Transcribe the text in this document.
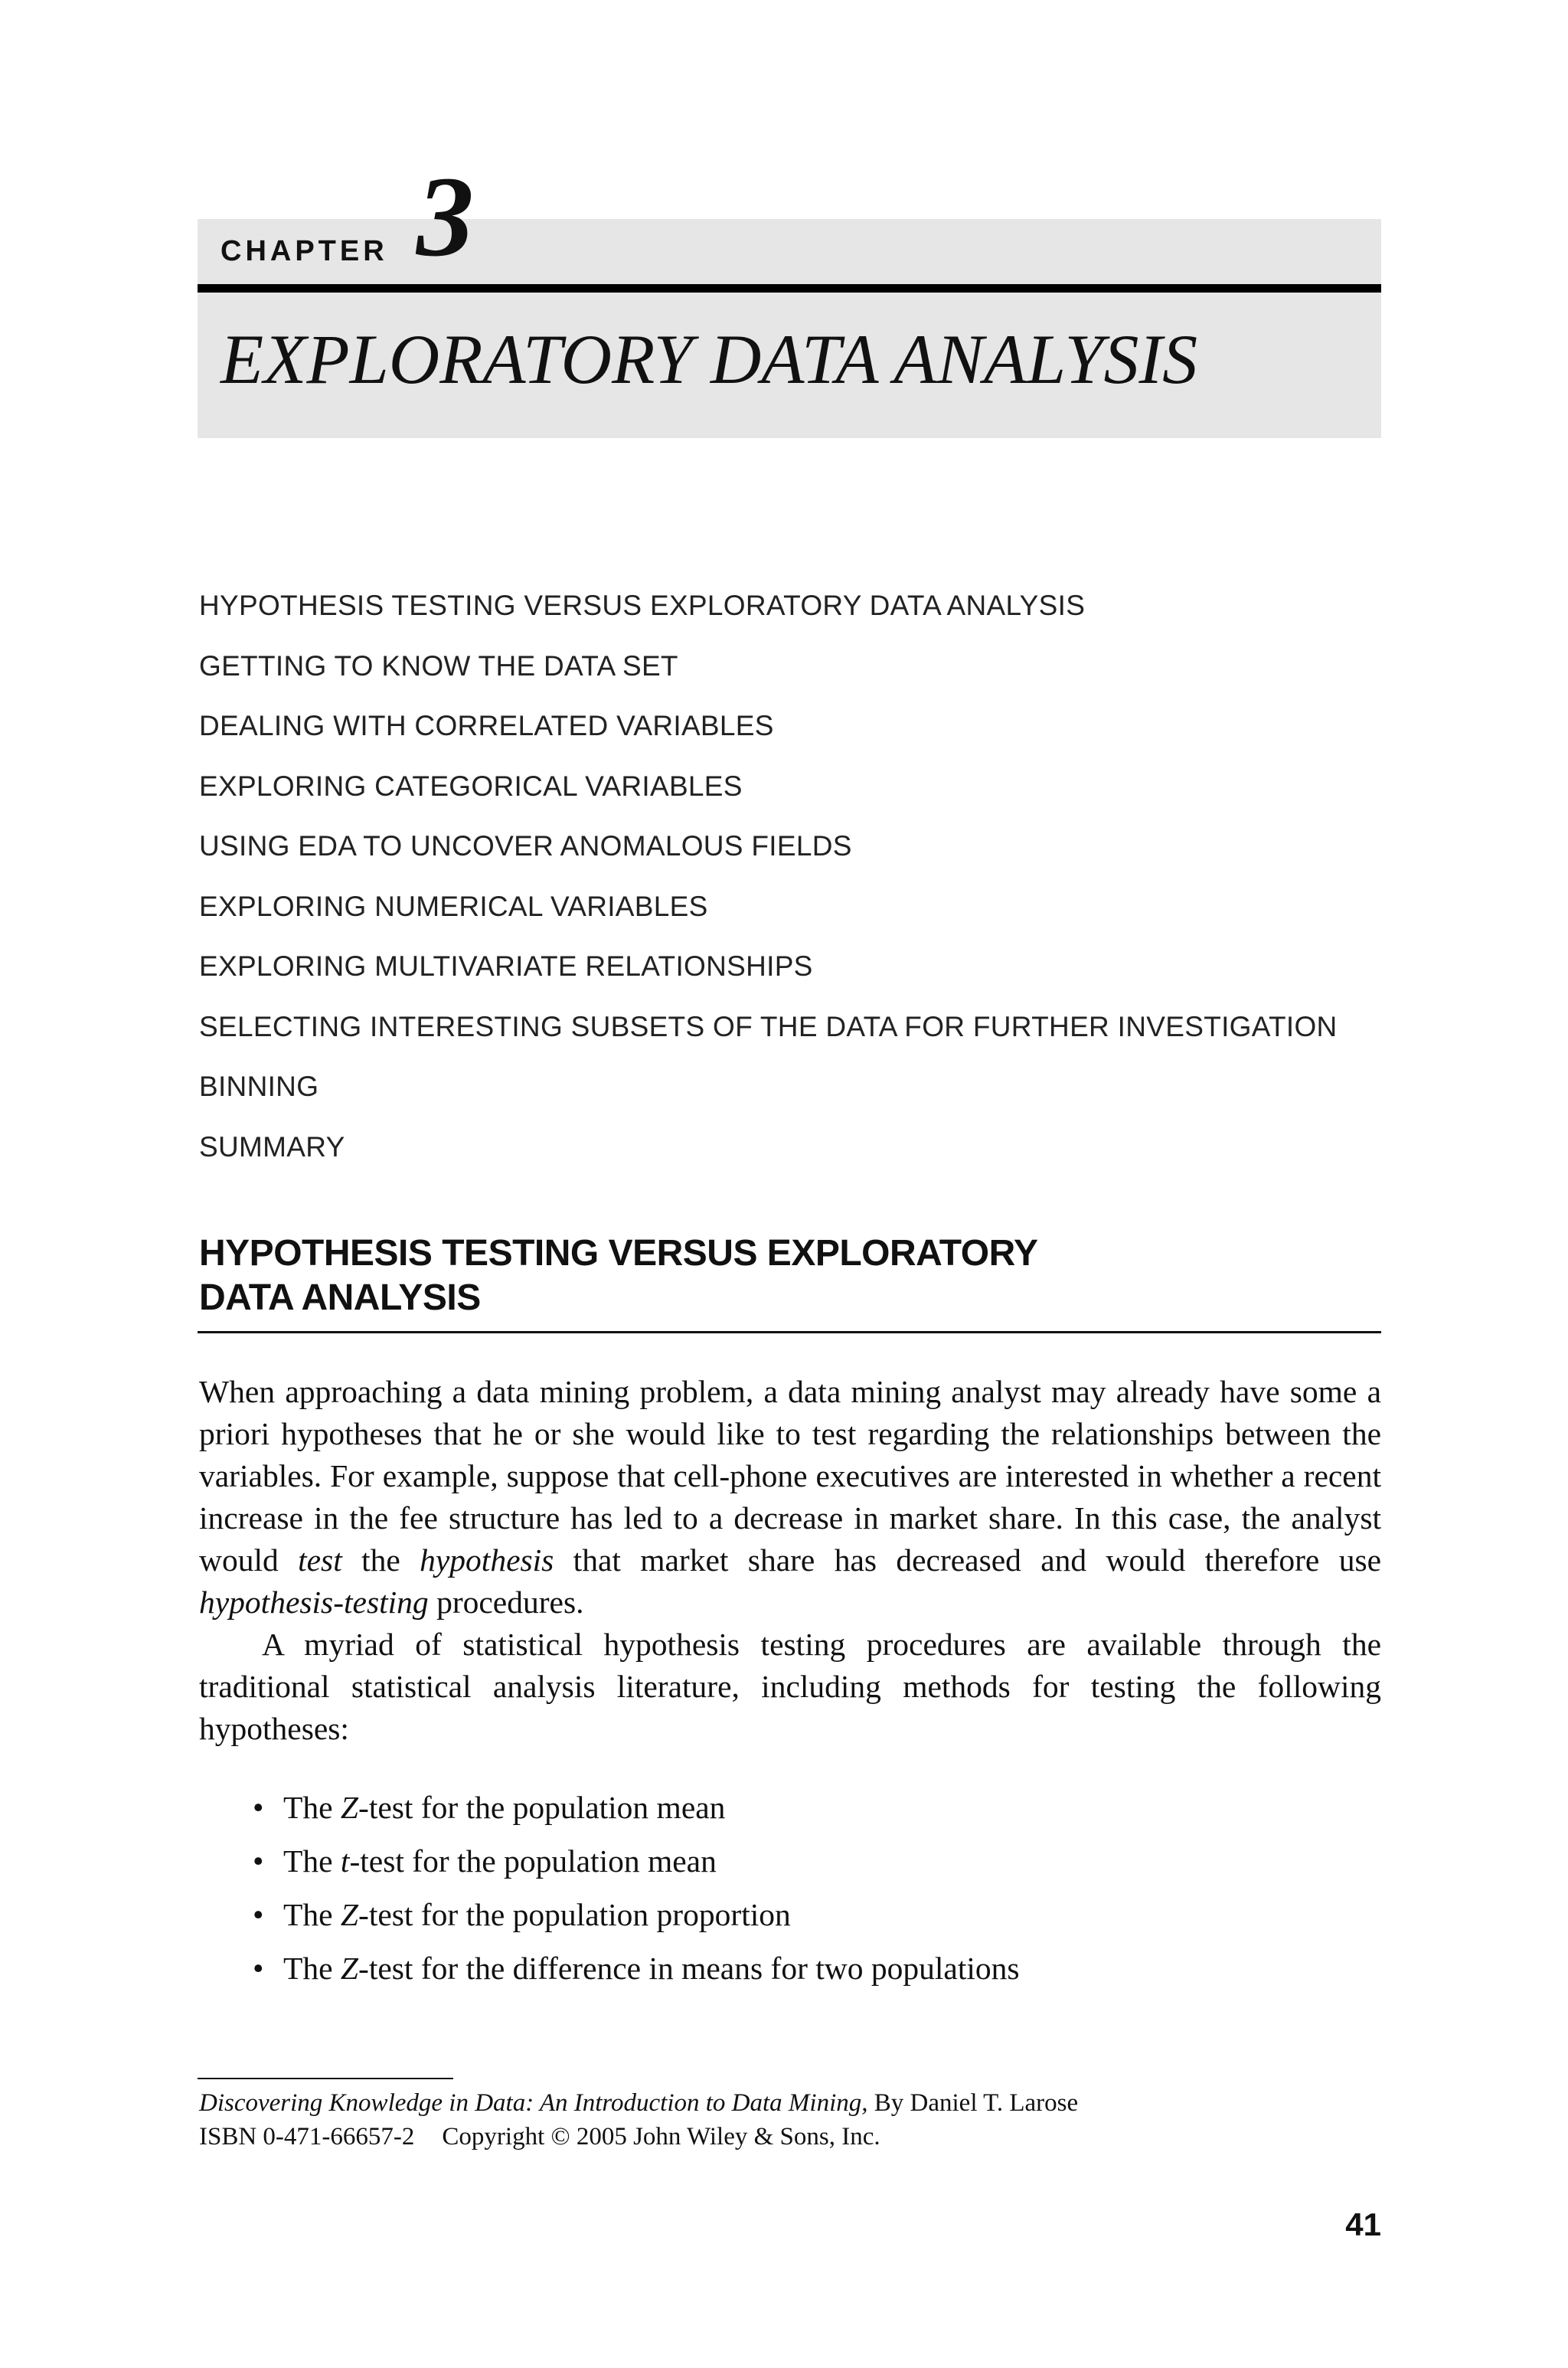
CHAPTER 3
EXPLORATORY DATA ANALYSIS
HYPOTHESIS TESTING VERSUS EXPLORATORY DATA ANALYSIS
GETTING TO KNOW THE DATA SET
DEALING WITH CORRELATED VARIABLES
EXPLORING CATEGORICAL VARIABLES
USING EDA TO UNCOVER ANOMALOUS FIELDS
EXPLORING NUMERICAL VARIABLES
EXPLORING MULTIVARIATE RELATIONSHIPS
SELECTING INTERESTING SUBSETS OF THE DATA FOR FURTHER INVESTIGATION
BINNING
SUMMARY
HYPOTHESIS TESTING VERSUS EXPLORATORY
DATA ANALYSIS

When approaching a data mining problem, a data mining analyst may already have some a priori hypotheses that he or she would like to test regarding the relationships between the variables. For example, suppose that cell-phone executives are interested in whether a recent increase in the fee structure has led to a decrease in market share. In this case, the analyst would test the hypothesis that market share has decreased and would therefore use hypothesis-testing procedures.

A myriad of statistical hypothesis testing procedures are available through the traditional statistical analysis literature, including methods for testing the following hypotheses:

• The Z-test for the population mean
• The t-test for the population mean
• The Z-test for the population proportion
• The Z-test for the difference in means for two populations
Discovering Knowledge in Data: An Introduction to Data Mining, By Daniel T. Larose
ISBN 0-471-66657-2 Copyright © 2005 John Wiley & Sons, Inc.
41
